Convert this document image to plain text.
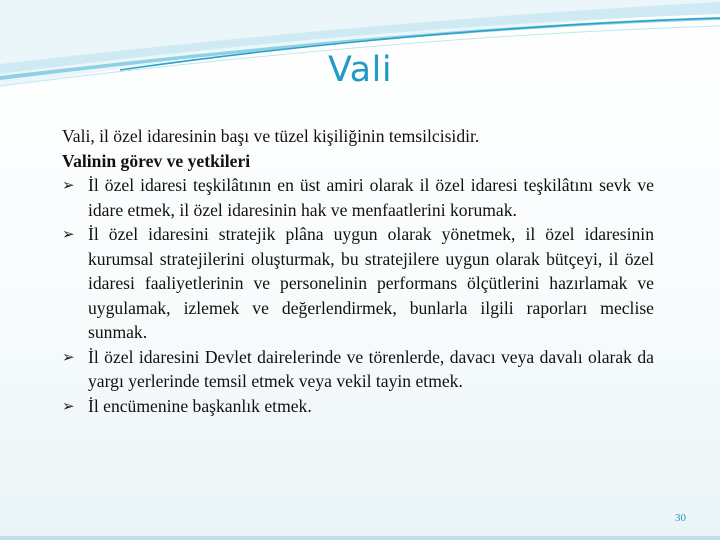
Vali

Vali, il özel idaresinin başı ve tüzel kişiliğinin temsilcisidir.

Valinin görev ve yetkileri

➢ İl özel idaresi teşkilâtının en üst amiri olarak il özel idaresi teşkilâtını sevk ve idare etmek, il özel idaresinin hak ve menfaatlerini korumak.
➢ İl özel idaresini stratejik plâna uygun olarak yönetmek, il özel idaresinin kurumsal stratejilerini oluşturmak, bu stratejilere uygun olarak bütçeyi, il özel idaresi faaliyetlerinin ve personelinin performans ölçütlerini hazırlamak ve uygulamak, izlemek ve değerlendirmek, bunlarla ilgili raporları meclise sunmak.
➢ İl özel idaresini Devlet dairelerinde ve törenlerde, davacı veya davalı olarak da yargı yerlerinde temsil etmek veya vekil tayin etmek.
➢ İl encümenine başkanlık etmek.
30
